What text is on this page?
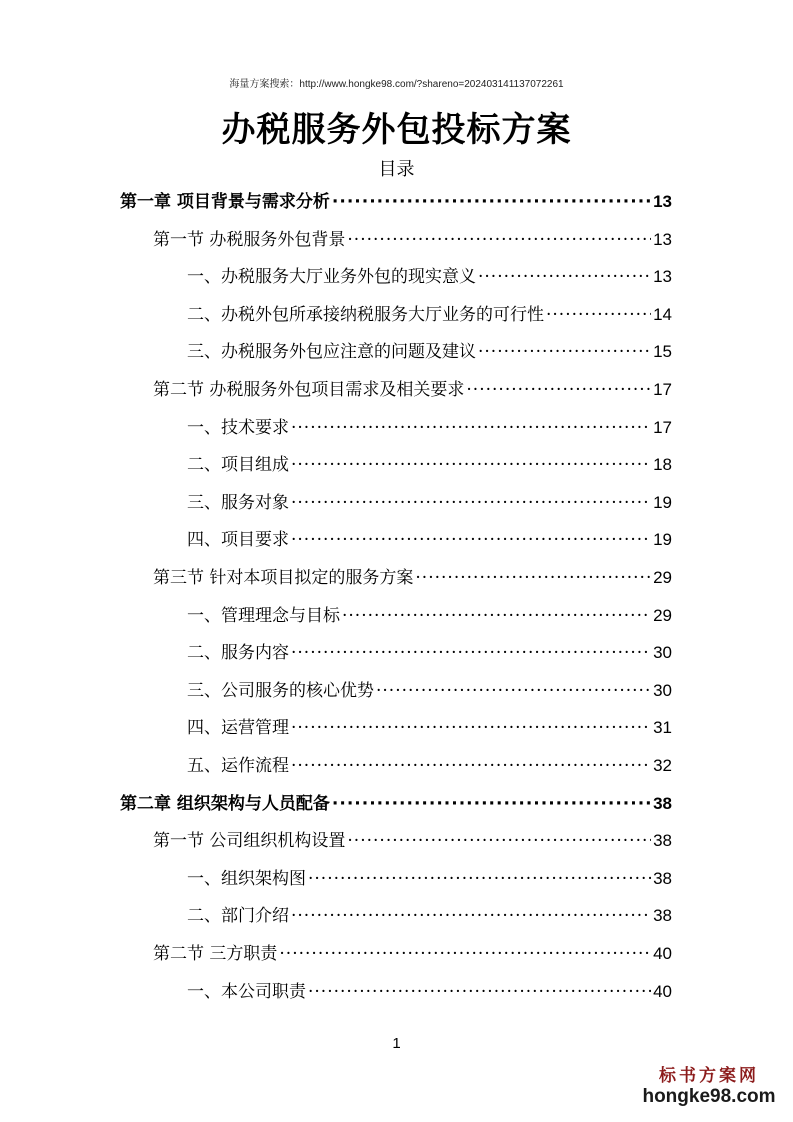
海量方案搜索：http://www.hongke98.com/?shareno=20240314113707226​1
办税服务外包投标方案
目录
第一章 项目背景与需求分析 ·····	13
第一节 办税服务外包背景 ·····	13
一、办税服务大厅业务外包的现实意义 ·····	13
二、办税外包所承接纳税服务大厅业务的可行性 ·····	14
三、办税服务外包应注意的问题及建议 ·····	15
第二节 办税服务外包项目需求及相关要求 ·····	17
一、技术要求 ·····	17
二、项目组成 ·····	18
三、服务对象 ·····	19
四、项目要求 ·····	19
第三节 针对本项目拟定的服务方案 ·····	29
一、管理理念与目标 ·····	29
二、服务内容 ·····	30
三、公司服务的核心优势 ·····	30
四、运营管理 ·····	31
五、运作流程 ·····	32
第二章 组织架构与人员配备 ·····	38
第一节 公司组织机构设置 ·····	38
一、组织架构图 ·····	38
二、部门介绍 ·····	38
第二节 三方职责 ·····	40
一、本公司职责 ·····	40
1
标书方案网
hongke98.com
